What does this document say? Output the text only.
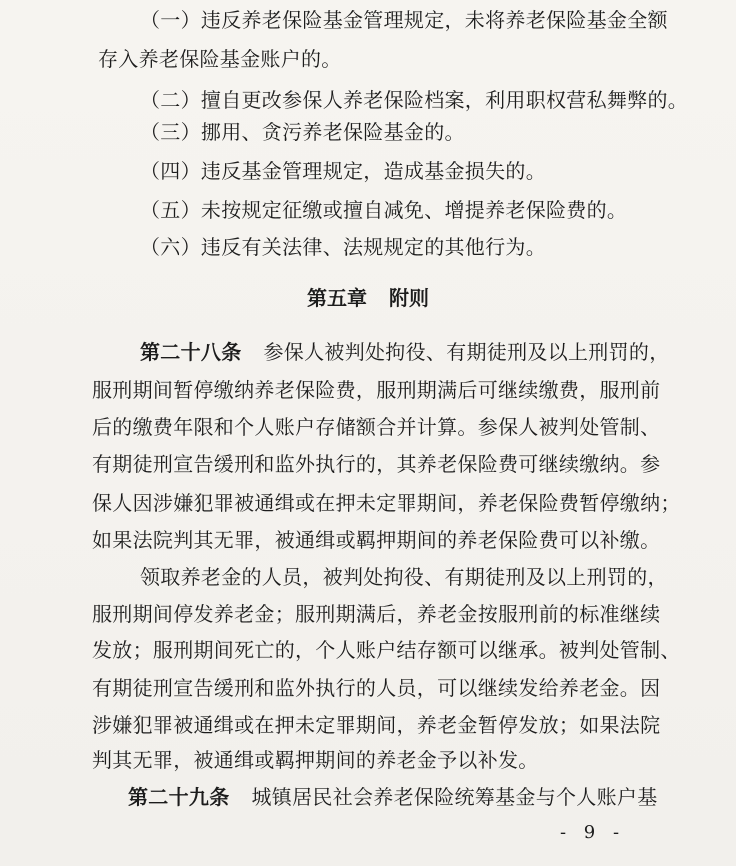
（一）违反养老保险基金管理规定，未将养老保险基金全额
存入养老保险基金账户的。
（二）擅自更改参保人养老保险档案，利用职权营私舞弊的。
（三）挪用、贪污养老保险基金的。
（四）违反基金管理规定，造成基金损失的。
（五）未按规定征缴或擅自减免、增提养老保险费的。
（六）违反有关法律、法规规定的其他行为。
第五章 附则
第二十八条 参保人被判处拘役、有期徒刑及以上刑罚的，
服刑期间暂停缴纳养老保险费，服刑期满后可继续缴费，服刑前
后的缴费年限和个人账户存储额合并计算。参保人被判处管制、
有期徒刑宣告缓刑和监外执行的，其养老保险费可继续缴纳。参
保人因涉嫌犯罪被通缉或在押未定罪期间，养老保险费暂停缴纳；
如果法院判其无罪，被通缉或羁押期间的养老保险费可以补缴。
领取养老金的人员，被判处拘役、有期徒刑及以上刑罚的，
服刑期间停发养老金；服刑期满后，养老金按服刑前的标准继续
发放；服刑期间死亡的，个人账户结存额可以继承。被判处管制、
有期徒刑宣告缓刑和监外执行的人员，可以继续发给养老金。因
涉嫌犯罪被通缉或在押未定罪期间，养老金暂停发放；如果法院
判其无罪，被通缉或羁押期间的养老金予以补发。
第二十九条 城镇居民社会养老保险统筹基金与个人账户基
- 9 -
